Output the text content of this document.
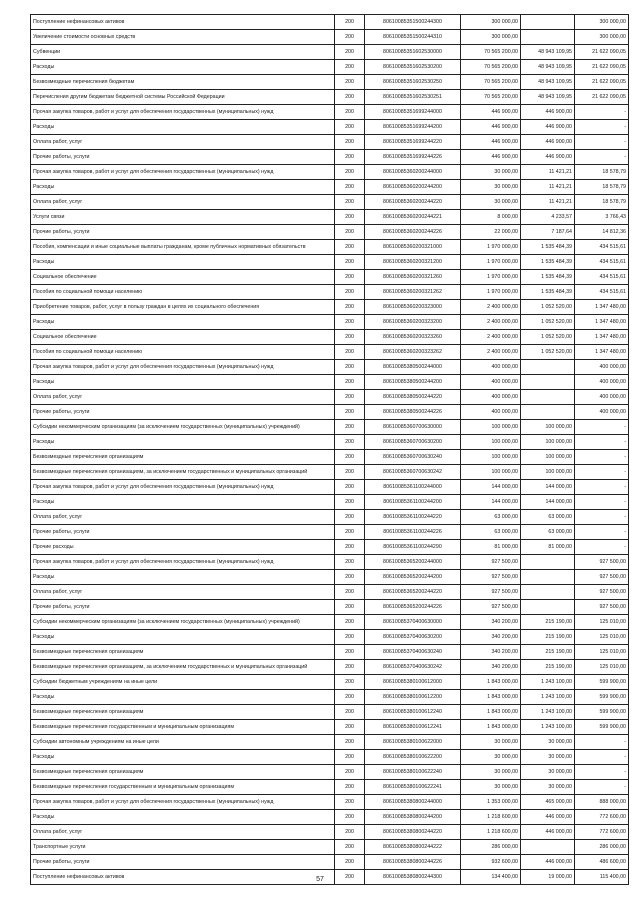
Поступление нефинансовых активов	200	80610085351500244300	300 000,00		300 000,00
Увеличение стоимости основных средств	200	80610085351500244310	300 000,00		300 000,00
Субвенции	200	80610085351602530000	70 565 200,00	48 943 109,95	21 622 090,05
Расходы	200	80610085351602530200	70 565 200,00	48 943 109,95	21 622 090,05
Безвозмездные перечисления бюджетам	200	80610085351602530250	70 565 200,00	48 943 109,95	21 622 090,05
Перечисления другим бюджетам бюджетной системы Российской Федерации	200	80610085351602530251	70 565 200,00	48 943 109,95	21 622 090,05
Прочая закупка товаров, работ и услуг для обеспечения государственных (муниципальных) нужд	200	80610085351699244000	446 900,00	446 900,00	-
Расходы	200	80610085351699244200	446 900,00	446 900,00	-
Оплата работ, услуг	200	80610085351699244220	446 900,00	446 900,00	-
Прочие работы, услуги	200	80610085351699244226	446 900,00	446 900,00	-
Прочая закупка товаров, работ и услуг для обеспечения государственных (муниципальных) нужд	200	80610085360200244000	30 000,00	11 421,21	18 578,79
Расходы	200	80610085360200244200	30 000,00	11 421,21	18 578,79
Оплата работ, услуг	200	80610085360200244220	30 000,00	11 421,21	18 578,79
Услуги связи	200	80610085360200244221	8 000,00	4 233,57	3 766,43
Прочие работы, услуги	200	80610085360200244226	22 000,00	7 187,64	14 812,36
Пособия, компенсации и иные социальные выплаты гражданам, кроме публичных нормативных обязательств	200	80610085360200321000	1 970 000,00	1 535 484,39	434 515,61
Расходы	200	80610085360200321200	1 970 000,00	1 535 484,39	434 515,61
Социальное обеспечение	200	80610085360200321260	1 970 000,00	1 535 484,39	434 515,61
Пособия по социальной помощи населению	200	80610085360200321262	1 970 000,00	1 535 484,39	434 515,61
Приобретение товаров, работ, услуг в пользу граждан в целях их социального обеспечения	200	80610085360200323000	2 400 000,00	1 052 520,00	1 347 480,00
Расходы	200	80610085360200323200	2 400 000,00	1 052 520,00	1 347 480,00
Социальное обеспечение	200	80610085360200323260	2 400 000,00	1 052 520,00	1 347 480,00
Пособия по социальной помощи населению	200	80610085360200323262	2 400 000,00	1 052 520,00	1 347 480,00
Прочая закупка товаров, работ и услуг для обеспечения государственных (муниципальных) нужд	200	80610085380500244000	400 000,00		400 000,00
Расходы	200	80610085380500244200	400 000,00		400 000,00
Оплата работ, услуг	200	80610085380500244220	400 000,00		400 000,00
Прочие работы, услуги	200	80610085380500244226	400 000,00		400 000,00
Субсидии некоммерческим организациям (за исключением государственных (муниципальных) учреждений)	200	80610085360700630000	100 000,00	100 000,00	-
Расходы	200	80610085360700630200	100 000,00	100 000,00	-
Безвозмездные перечисления организациям	200	80610085360700630240	100 000,00	100 000,00	-
Безвозмездные перечисления организациям, за исключением государственных и муниципальных организаций	200	80610085360700630242	100 000,00	100 000,00	-
Прочая закупка товаров, работ и услуг для обеспечения государственных (муниципальных) нужд	200	80610085361100244000	144 000,00	144 000,00	-
Расходы	200	80610085361100244200	144 000,00	144 000,00	-
Оплата работ, услуг	200	80610085361100244220	63 000,00	63 000,00	-
Прочие работы, услуги	200	80610085361100244226	63 000,00	63 000,00	-
Прочие расходы	200	80610085361100244290	81 000,00	81 000,00	-
Прочая закупка товаров, работ и услуг для обеспечения государственных (муниципальных) нужд	200	80610085365200244000	927 500,00		927 500,00
Расходы	200	80610085365200244200	927 500,00		927 500,00
Оплата работ, услуг	200	80610085365200244220	927 500,00		927 500,00
Прочие работы, услуги	200	80610085365200244226	927 500,00		927 500,00
Субсидии некоммерческим организациям (за исключением государственных (муниципальных) учреждений)	200	80610085370400630000	340 200,00	215 190,00	125 010,00
Расходы	200	80610085370400630200	340 200,00	215 190,00	125 010,00
Безвозмездные перечисления организациям	200	80610085370400630240	340 200,00	215 190,00	125 010,00
Безвозмездные перечисления организациям, за исключением государственных и муниципальных организаций	200	80610085370400630242	340 200,00	215 190,00	125 010,00
Субсидии бюджетным учреждениям на иные цели	200	80610085380100612000	1 843 000,00	1 243 100,00	599 900,00
Расходы	200	80610085380100612200	1 843 000,00	1 243 100,00	599 900,00
Безвозмездные перечисления организациям	200	80610085380100612240	1 843 000,00	1 243 100,00	599 900,00
Безвозмездные перечисления государственным и муниципальным организациям	200	80610085380100612241	1 843 000,00	1 243 100,00	599 900,00
Субсидии автономным учреждениям на иные цели	200	80610085380100622000	30 000,00	30 000,00	-
Расходы	200	80610085380100622200	30 000,00	30 000,00	-
Безвозмездные перечисления организациям	200	80610085380100622240	30 000,00	30 000,00	-
Безвозмездные перечисления государственным и муниципальным организациям	200	80610085380100622241	30 000,00	30 000,00	-
Прочая закупка товаров, работ и услуг для обеспечения государственных (муниципальных) нужд	200	80610085380800244000	1 353 000,00	465 000,00	888 000,00
Расходы	200	80610085380800244200	1 218 600,00	446 000,00	772 600,00
Оплата работ, услуг	200	80610085380800244220	1 218 600,00	446 000,00	772 600,00
Транспортные услуги	200	80610085380800244222	286 000,00		286 000,00
Прочие работы, услуги	200	80610085380800244226	932 600,00	446 000,00	486 600,00
Поступление нефинансовых активов	200	80610085380800244300	134 400,00	19 000,00	115 400,00
57
